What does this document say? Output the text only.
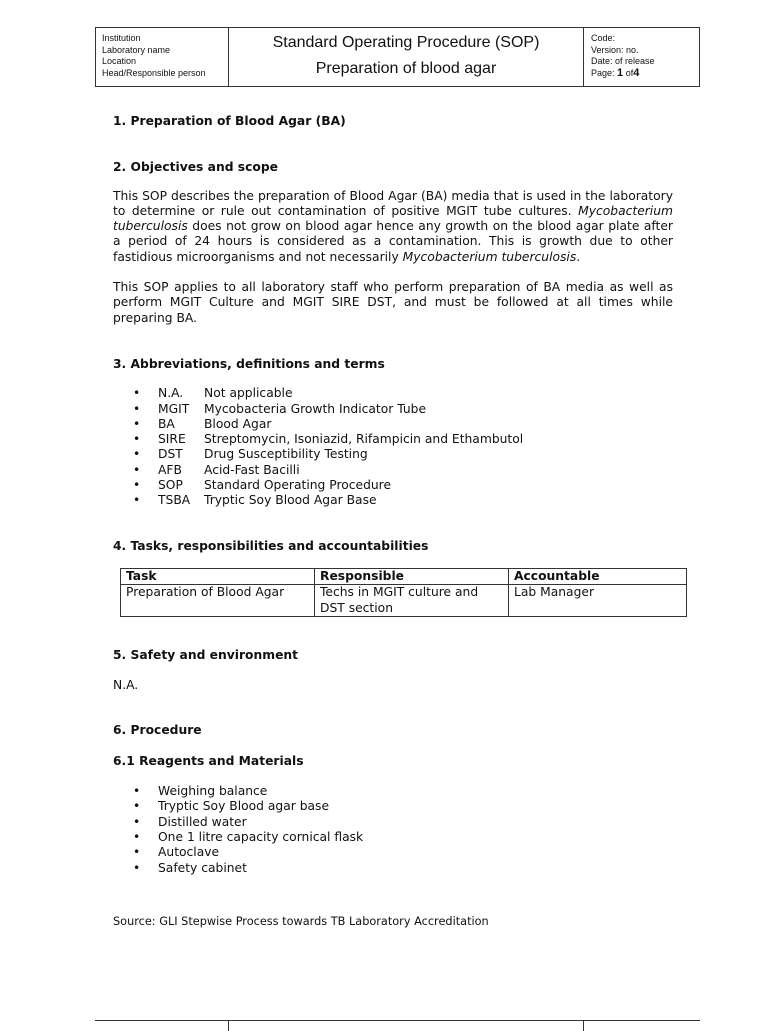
Institution
Laboratory name
Location
Head/Responsible person
Standard Operating Procedure (SOP)
Preparation of blood agar
Code:
Version: no.
Date: of release
Page: 1 of4
1. Preparation of Blood Agar (BA)
2. Objectives and scope

This SOP describes the preparation of Blood Agar (BA) media that is used in the laboratory to determine or rule out contamination of positive MGIT tube cultures. Mycobacterium tuberculosis does not grow on blood agar hence any growth on the blood agar plate after a period of 24 hours is considered as a contamination. This is growth due to other fastidious microorganisms and not necessarily Mycobacterium tuberculosis.

This SOP applies to all laboratory staff who perform preparation of BA media as well as perform MGIT Culture and MGIT SIRE DST, and must be followed at all times while preparing BA.

3. Abbreviations, definitions and terms
• N.A. Not applicable
• MGIT Mycobacteria Growth Indicator Tube
• BA Blood Agar
• SIRE Streptomycin, Isoniazid, Rifampicin and Ethambutol
• DST Drug Susceptibility Testing
• AFB Acid-Fast Bacilli
• SOP Standard Operating Procedure
• TSBA Tryptic Soy Blood Agar Base
4. Tasks, responsibilities and accountabilities
Task	Responsible	Accountable
Preparation of Blood Agar	Techs in MGIT culture and DST section	Lab Manager
5. Safety and environment

N.A.

6. Procedure
6.1 Reagents and Materials
• Weighing balance
• Tryptic Soy Blood agar base
• Distilled water
• One 1 litre capacity cornical flask
• Autoclave
• Safety cabinet

Source: GLI Stepwise Process towards TB Laboratory Accreditation
